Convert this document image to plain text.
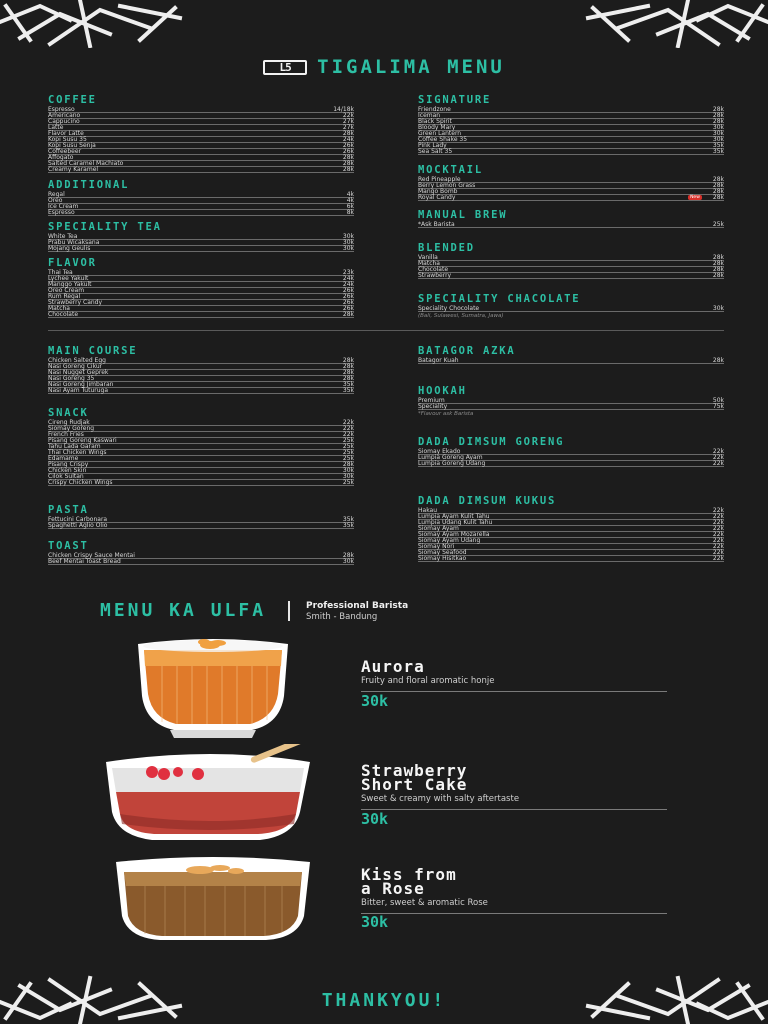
L5 TIGALIMA MENU
COFFEE
Espresso	14/18k
Americano	22k
Cappucino	27k
Latte	27k
Flavor Latte	28k
Kopi Susu 35	24k
Kopi Susu Senja	26k
Coffeebeer	26k
Affogato	28k
Salted Caramel Machiato	28k
Creamy Karamel	28k
ADDITIONAL
Regal	4k
Oreo	4k
Ice Cream	6k
Espresso	8k
SPECIALITY TEA
White Tea	30k
Prabu Wicaksana	30k
Mojang Geulis	30k
FLAVOR
Thai Tea	23k
Lychee Yakult	24k
Manggo Yakult	24k
Oreo Cream	26k
Rum Regal	26k
Strawberry Candy	26k
Matcha	26k
Chocolate	28k
SIGNATURE
Friendzone	28k
Iceman	28k
Black Spirit	28k
Bloody Mary	30k
Green Lantern	30k
Coffee Shake 35	30k
Pink Lady	35k
Sea Salt 35	35k
MOCKTAIL
Red Pineapple	28k
Berry Lemon Grass	28k
Mango Bomb	28k
Royal Candy	New	28k
MANUAL BREW
*Ask Barista	25k
BLENDED
Vanilla	28k
Matcha	28k
Chocolate	28k
Strawberry	28k
SPECIALITY CHACOLATE
Speciality Chocolate	30k
(Bali, Sulawesi, Sumatra, Jawa)
MAIN COURSE
Chicken Salted Egg	28k
Nasi Goreng Cikur	28k
Nasi Nugget Geprek	28k
Nasi Goreng 35	28k
Nasi Goreng Jimbaran	35k
Nasi Ayam Tuturuga	35k
SNACK
Cireng Rudjak	22k
Siomay Goreng	22k
French Fries	22k
Pisang Goreng Kaswari	25k
Tahu Lada Garam	25k
Thai Chicken Wings	25k
Edamame	25k
Pisang Crispy	28k
Chicken Skin	30k
Cilok Sultan	30k
Crispy Chicken Wings	25k
PASTA
Fettucini Carbonara	35k
Spaghetti Aglio Olio	35k
TOAST
Chicken Crispy Sauce Mentai	28k
Beef Mentai Toast Bread	30k
BATAGOR AZKA
Batagor Kuah	28k
HOOKAH
Premium	50k
Speciality	75k
*Flavour ask Barista
DADA DIMSUM GORENG
Siomay Ekado	22k
Lumpia Goreng Ayam	22k
Lumpia Goreng Udang	22k
DADA DIMSUM KUKUS
Hakau	22k
Lumpia Ayam Kulit Tahu	22k
Lumpia Udang Kulit Tahu	22k
Siomay Ayam	22k
Siomay Ayam Mozarella	22k
Siomay Ayam Udang	22k
Siomay Nori	22k
Siomay Seafood	22k
Siomay Hisitkao	22k
MENU KA ULFA	Professional Barista
Smith - Bandung
Aurora
Fruity and floral aromatic honje
30k
Strawberry
Short Cake
Sweet & creamy with salty aftertaste
30k
Kiss from
a Rose
Bitter, sweet & aromatic Rose
30k
THANKYOU!
